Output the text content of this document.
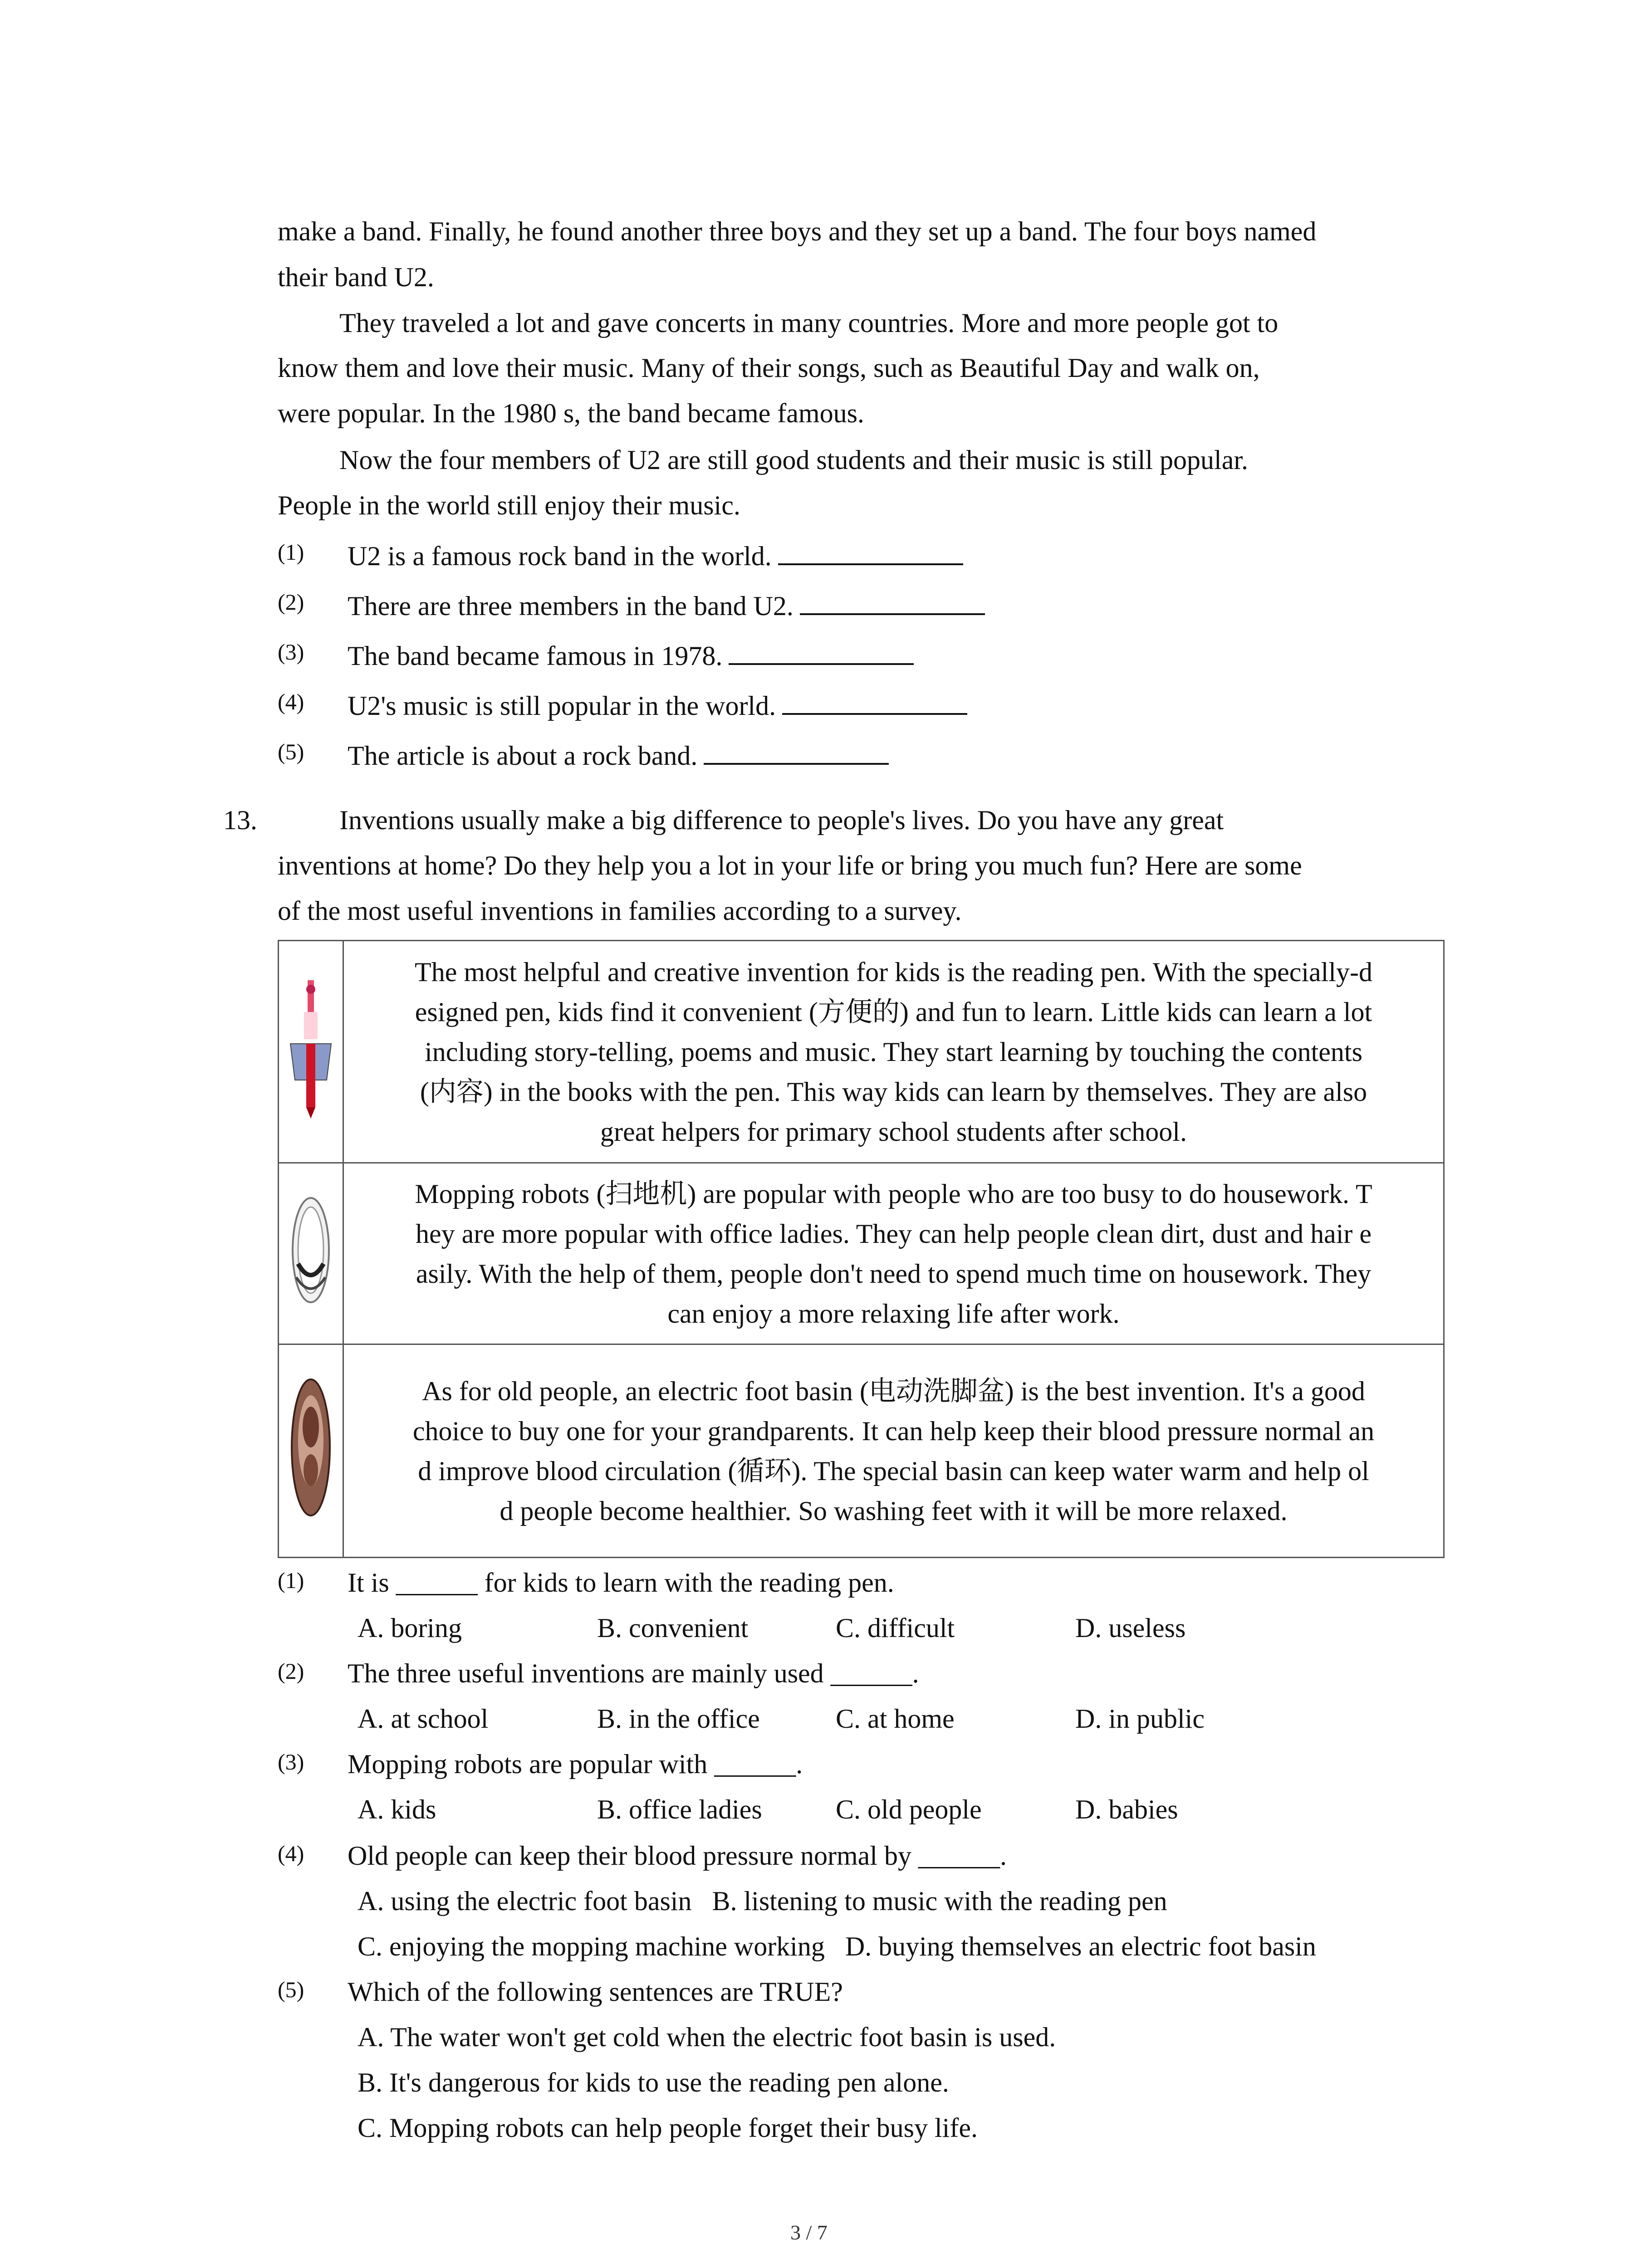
make a band. Finally, he found another three boys and they set up a band. The four boys named

their band U2.

They traveled a lot and gave concerts in many countries. More and more people got to

know them and love their music. Many of their songs, such as Beautiful Day and walk on,

were popular. In the 1980 s, the band became famous.

Now the four members of U2 are still good students and their music is still popular.

People in the world still enjoy their music.

(1) U2 is a famous rock band in the world.

(2) There are three members in the band U2.

(3) The band became famous in 1978.

(4) U2's music is still popular in the world.

(5) The article is about a rock band.

13.	Inventions usually make a big difference to people's lives. Do you have any great

inventions at home? Do they help you a lot in your life or bring you much fun? Here are some

of the most useful inventions in families according to a survey.

The most helpful and creative invention for kids is the reading pen. With the specially-d
esigned pen, kids find it convenient (方便的) and fun to learn. Little kids can learn a lot
including story-telling, poems and music. They start learning by touching the contents
(内容) in the books with the pen. This way kids can learn by themselves. They are also
great helpers for primary school students after school.

Mopping robots (扫地机) are popular with people who are too busy to do housework. T
hey are more popular with office ladies. They can help people clean dirt, dust and hair e
asily. With the help of them, people don't need to spend much time on housework. They
can enjoy a more relaxing life after work.

As for old people, an electric foot basin (电动洗脚盆) is the best invention. It's a good
choice to buy one for your grandparents. It can help keep their blood pressure normal an
d improve blood circulation (循环). The special basin can keep water warm and help ol
d people become healthier. So washing feet with it will be more relaxed.
(1) It is ______ for kids to learn with the reading pen.

A. boring	B. convenient	C. difficult	D. useless
(2) The three useful inventions are mainly used ______.

A. at school	B. in the office	C. at home	D. in public
(3) Mopping robots are popular with ______.

A. kids	B. office ladies	C. old people	D. babies
(4) Old people can keep their blood pressure normal by ______.

A. using the electric foot basin   B. listening to music with the reading pen

C. enjoying the mopping machine working   D. buying themselves an electric foot basin

(5) Which of the following sentences are TRUE?

A. The water won't get cold when the electric foot basin is used.

B. It's dangerous for kids to use the reading pen alone.

C. Mopping robots can help people forget their busy life.

3 / 7
